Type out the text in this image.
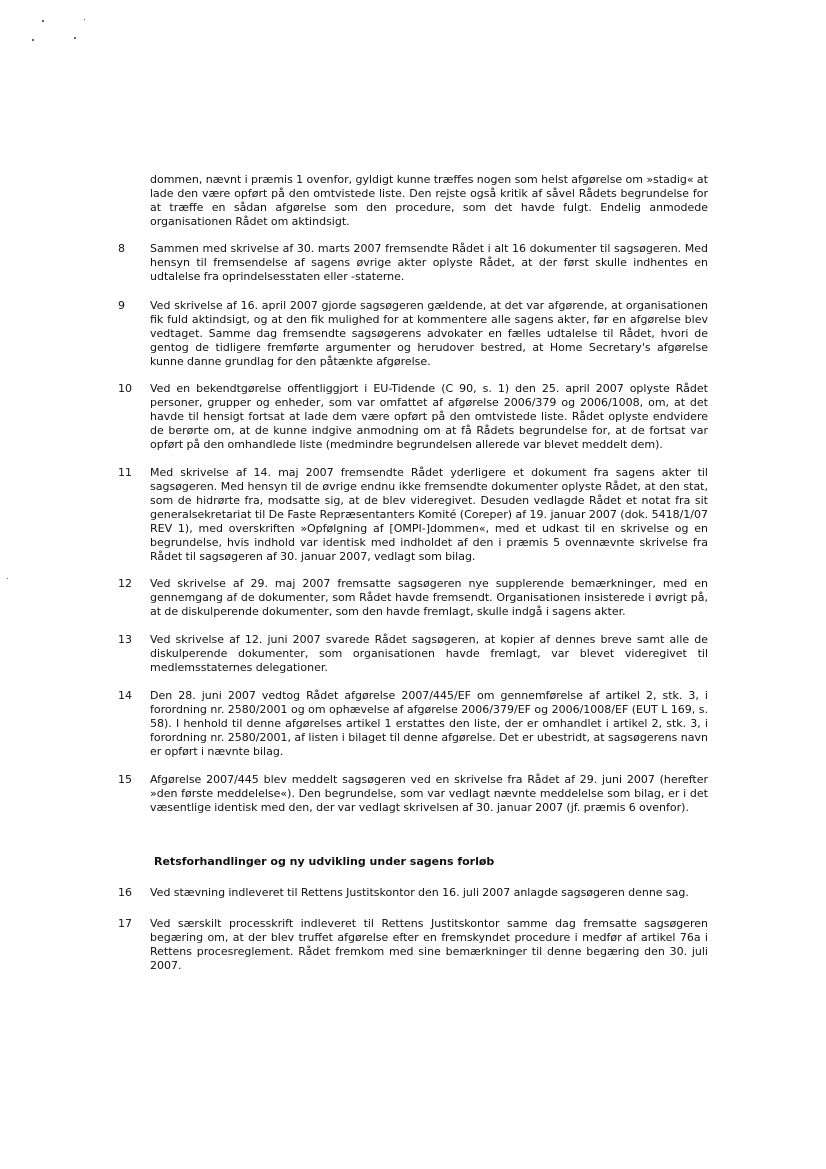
dommen, nævnt i præmis 1 ovenfor, gyldigt kunne træffes nogen som helst afgørelse om »stadig« at lade den være opført på den omtvistede liste. Den rejste også kritik af såvel Rådets begrundelse for at træffe en sådan afgørelse som den procedure, som det havde fulgt. Endelig anmodede organisationen Rådet om aktindsigt.
8	Sammen med skrivelse af 30. marts 2007 fremsendte Rådet i alt 16 dokumenter til sagsøgeren. Med hensyn til fremsendelse af sagens øvrige akter oplyste Rådet, at der først skulle indhentes en udtalelse fra oprindelsesstaten eller -staterne.
9	Ved skrivelse af 16. april 2007 gjorde sagsøgeren gældende, at det var afgørende, at organisationen fik fuld aktindsigt, og at den fik mulighed for at kommentere alle sagens akter, før en afgørelse blev vedtaget. Samme dag fremsendte sagsøgerens advokater en fælles udtalelse til Rådet, hvori de gentog de tidligere fremførte argumenter og herudover bestred, at Home Secretary's afgørelse kunne danne grundlag for den påtænkte afgørelse.
10	Ved en bekendtgørelse offentliggjort i EU-Tidende (C 90, s. 1) den 25. april 2007 oplyste Rådet personer, grupper og enheder, som var omfattet af afgørelse 2006/379 og 2006/1008, om, at det havde til hensigt fortsat at lade dem være opført på den omtvistede liste. Rådet oplyste endvidere de berørte om, at de kunne indgive anmodning om at få Rådets begrundelse for, at de fortsat var opført på den omhandlede liste (medmindre begrundelsen allerede var blevet meddelt dem).
11	Med skrivelse af 14. maj 2007 fremsendte Rådet yderligere et dokument fra sagens akter til sagsøgeren. Med hensyn til de øvrige endnu ikke fremsendte dokumenter oplyste Rådet, at den stat, som de hidrørte fra, modsatte sig, at de blev videregivet. Desuden vedlagde Rådet et notat fra sit generalsekretariat til De Faste Repræsentanters Komité (Coreper) af 19. januar 2007 (dok. 5418/1/07 REV 1), med overskriften »Opfølgning af [OMPI-]dommen«, med et udkast til en skrivelse og en begrundelse, hvis indhold var identisk med indholdet af den i præmis 5 ovennævnte skrivelse fra Rådet til sagsøgeren af 30. januar 2007, vedlagt som bilag.
12	Ved skrivelse af 29. maj 2007 fremsatte sagsøgeren nye supplerende bemærkninger, med en gennemgang af de dokumenter, som Rådet havde fremsendt. Organisationen insisterede i øvrigt på, at de diskulperende dokumenter, som den havde fremlagt, skulle indgå i sagens akter.
13	Ved skrivelse af 12. juni 2007 svarede Rådet sagsøgeren, at kopier af dennes breve samt alle de diskulperende dokumenter, som organisationen havde fremlagt, var blevet videregivet til medlemsstaternes delegationer.
14	Den 28. juni 2007 vedtog Rådet afgørelse 2007/445/EF om gennemførelse af artikel 2, stk. 3, i forordning nr. 2580/2001 og om ophævelse af afgørelse 2006/379/EF og 2006/1008/EF (EUT L 169, s. 58). I henhold til denne afgørelses artikel 1 erstattes den liste, der er omhandlet i artikel 2, stk. 3, i forordning nr. 2580/2001, af listen i bilaget til denne afgørelse. Det er ubestridt, at sagsøgerens navn er opført i nævnte bilag.
15	Afgørelse 2007/445 blev meddelt sagsøgeren ved en skrivelse fra Rådet af 29. juni 2007 (herefter »den første meddelelse«). Den begrundelse, som var vedlagt nævnte meddelelse som bilag, er i det væsentlige identisk med den, der var vedlagt skrivelsen af 30. januar 2007 (jf. præmis 6 ovenfor).
Retsforhandlinger og ny udvikling under sagens forløb
16	Ved stævning indleveret til Rettens Justitskontor den 16. juli 2007 anlagde sagsøgeren denne sag.
17	Ved særskilt processkrift indleveret til Rettens Justitskontor samme dag fremsatte sagsøgeren begæring om, at der blev truffet afgørelse efter en fremskyndet procedure i medfør af artikel 76a i Rettens procesreglement. Rådet fremkom med sine bemærkninger til denne begæring den 30. juli 2007.
